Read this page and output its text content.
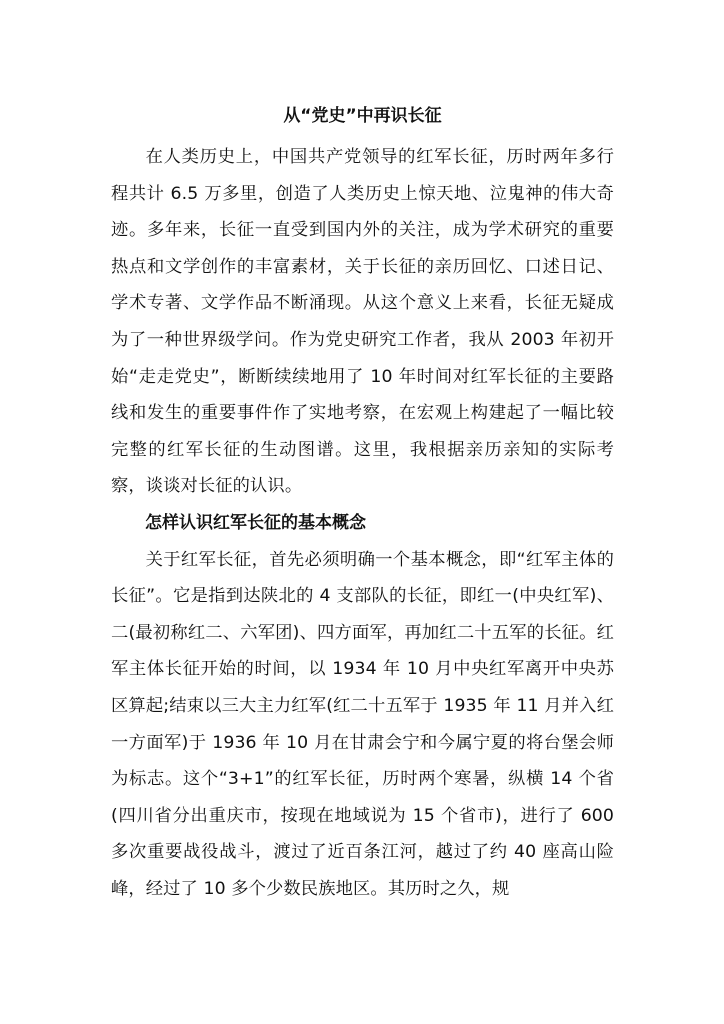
从“党史”中再识长征

在人类历史上，中国共产党领导的红军长征，历时两年多行程共计 6.5 万多里，创造了人类历史上惊天地、泣鬼神的伟大奇迹。多年来，长征一直受到国内外的关注，成为学术研究的重要热点和文学创作的丰富素材，关于长征的亲历回忆、口述日记、学术专著、文学作品不断涌现。从这个意义上来看，长征无疑成为了一种世界级学问。作为党史研究工作者，我从 2003 年初开始“走走党史”，断断续续地用了 10 年时间对红军长征的主要路线和发生的重要事件作了实地考察，在宏观上构建起了一幅比较完整的红军长征的生动图谱。这里，我根据亲历亲知的实际考察，谈谈对长征的认识。

怎样认识红军长征的基本概念

关于红军长征，首先必须明确一个基本概念，即“红军主体的长征”。它是指到达陕北的 4 支部队的长征，即红一(中央红军)、二(最初称红二、六军团)、四方面军，再加红二十五军的长征。红军主体长征开始的时间，以 1934 年 10 月中央红军离开中央苏区算起;结束以三大主力红军(红二十五军于 1935 年 11 月并入红一方面军)于 1936 年 10 月在甘肃会宁和今属宁夏的将台堡会师为标志。这个“3+1”的红军长征，历时两个寒暑，纵横 14 个省(四川省分出重庆市，按现在地域说为 15 个省市)，进行了 600 多次重要战役战斗，渡过了近百条江河，越过了约 40 座高山险峰，经过了 10 多个少数民族地区。其历时之久，规
